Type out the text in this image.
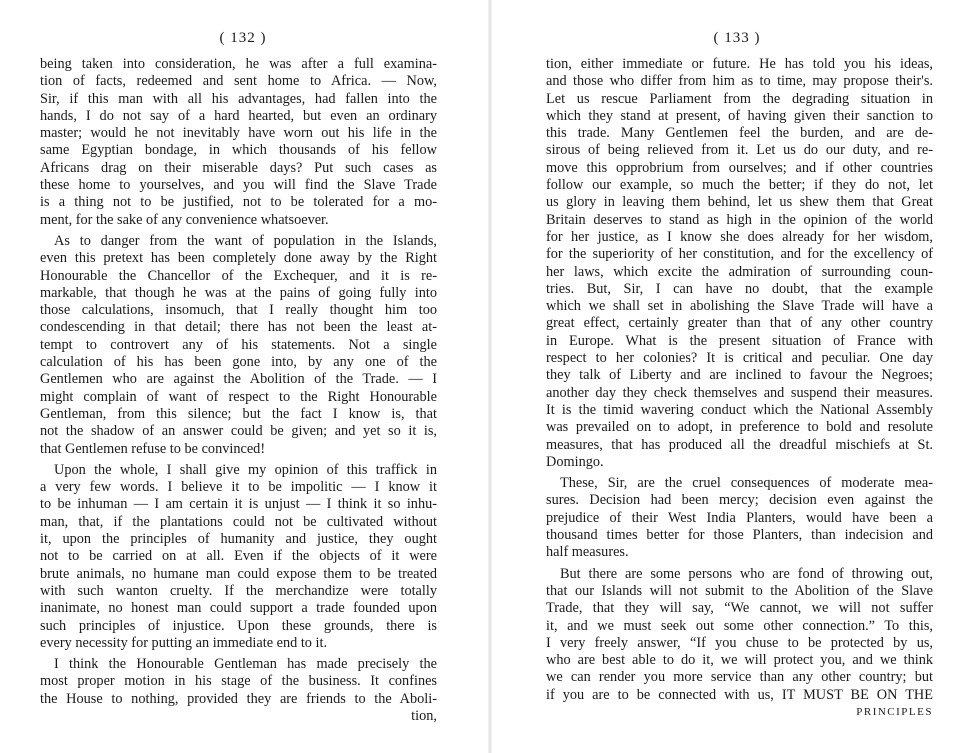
( 132 )
being taken into consideration, he was after a full examina-
tion of facts, redeemed and sent home to Africa. — Now,
Sir, if this man with all his advantages, had fallen into the
hands, I do not say of a hard hearted, but even an ordinary
master; would he not inevitably have worn out his life in the
same Egyptian bondage, in which thousands of his fellow
Africans drag on their miserable days? Put such cases as
these home to yourselves, and you will find the Slave Trade
is a thing not to be justified, not to be tolerated for a mo-
ment, for the sake of any convenience whatsoever.
As to danger from the want of population in the Islands,
even this pretext has been completely done away by the Right
Honourable the Chancellor of the Exchequer, and it is re-
markable, that though he was at the pains of going fully into
those calculations, insomuch, that I really thought him too
condescending in that detail; there has not been the least at-
tempt to controvert any of his statements. Not a single
calculation of his has been gone into, by any one of the
Gentlemen who are against the Abolition of the Trade. — I
might complain of want of respect to the Right Honourable
Gentleman, from this silence; but the fact I know is, that
not the shadow of an answer could be given; and yet so it is,
that Gentlemen refuse to be convinced!
Upon the whole, I shall give my opinion of this traffick in
a very few words. I believe it to be impolitic — I know it
to be inhuman — I am certain it is unjust — I think it so inhu-
man, that, if the plantations could not be cultivated without
it, upon the principles of humanity and justice, they ought
not to be carried on at all. Even if the objects of it were
brute animals, no humane man could expose them to be treated
with such wanton cruelty. If the merchandize were totally
inanimate, no honest man could support a trade founded upon
such principles of injustice. Upon these grounds, there is
every necessity for putting an immediate end to it.
I think the Honourable Gentleman has made precisely the
most proper motion in his stage of the business. It confines
the House to nothing, provided they are friends to the Aboli-
tion,
( 133 )
tion, either immediate or future. He has told you his ideas,
and those who differ from him as to time, may propose their's.
Let us rescue Parliament from the degrading situation in
which they stand at present, of having given their sanction to
this trade. Many Gentlemen feel the burden, and are de-
sirous of being relieved from it. Let us do our duty, and re-
move this opprobrium from ourselves; and if other countries
follow our example, so much the better; if they do not, let
us glory in leaving them behind, let us shew them that Great
Britain deserves to stand as high in the opinion of the world
for her justice, as I know she does already for her wisdom,
for the superiority of her constitution, and for the excellency of
her laws, which excite the admiration of surrounding coun-
tries. But, Sir, I can have no doubt, that the example
which we shall set in abolishing the Slave Trade will have a
great effect, certainly greater than that of any other country
in Europe. What is the present situation of France with
respect to her colonies? It is critical and peculiar. One day
they talk of Liberty and are inclined to favour the Negroes;
another day they check themselves and suspend their measures.
It is the timid wavering conduct which the National Assembly
was prevailed on to adopt, in preference to bold and resolute
measures, that has produced all the dreadful mischiefs at St.
Domingo.
These, Sir, are the cruel consequences of moderate mea-
sures. Decision had been mercy; decision even against the
prejudice of their West India Planters, would have been a
thousand times better for those Planters, than indecision and
half measures.
But there are some persons who are fond of throwing out,
that our Islands will not submit to the Abolition of the Slave
Trade, that they will say, “We cannot, we will not suffer
it, and we must seek out some other connection.” To this,
I very freely answer, “If you chuse to be protected by us,
who are best able to do it, we will protect you, and we think
we can render you more service than any other country; but
if you are to be connected with us, IT MUST BE ON THE
PRINCIPLES
